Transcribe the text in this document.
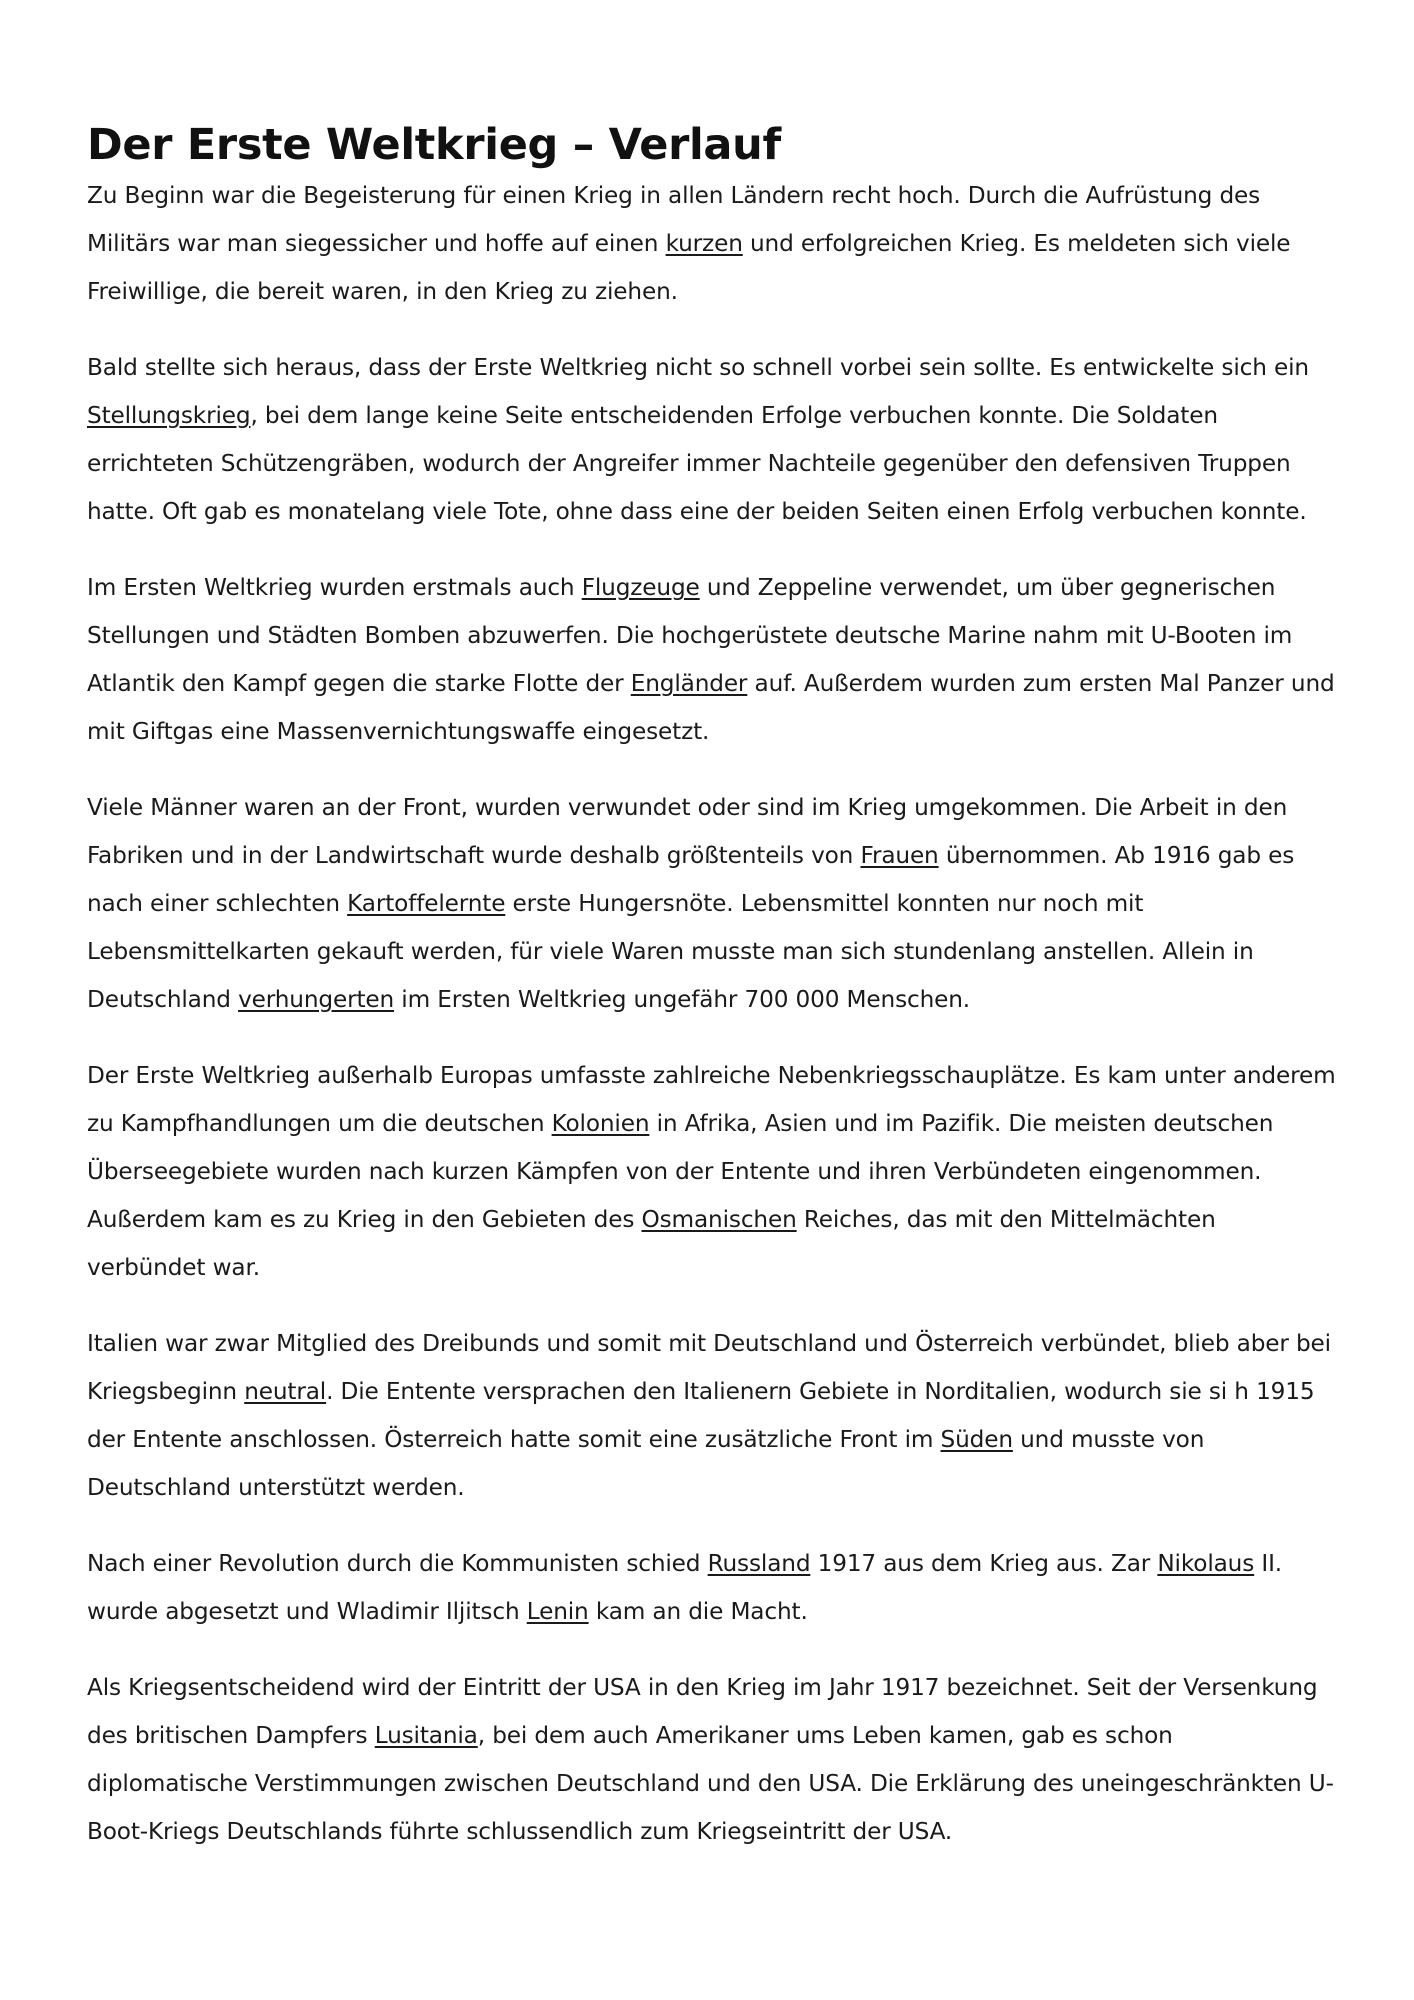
Der Erste Weltkrieg – Verlauf

Zu Beginn war die Begeisterung für einen Krieg in allen Ländern recht hoch. Durch die Aufrüstung des Militärs war man siegessicher und hoffe auf einen kurzen und erfolgreichen Krieg. Es meldeten sich viele Freiwillige, die bereit waren, in den Krieg zu ziehen.

Bald stellte sich heraus, dass der Erste Weltkrieg nicht so schnell vorbei sein sollte. Es entwickelte sich ein Stellungskrieg, bei dem lange keine Seite entscheidenden Erfolge verbuchen konnte. Die Soldaten errichteten Schützengräben, wodurch der Angreifer immer Nachteile gegenüber den defensiven Truppen hatte. Oft gab es monatelang viele Tote, ohne dass eine der beiden Seiten einen Erfolg verbuchen konnte.

Im Ersten Weltkrieg wurden erstmals auch Flugzeuge und Zeppeline verwendet, um über gegnerischen Stellungen und Städten Bomben abzuwerfen. Die hochgerüstete deutsche Marine nahm mit U-Booten im Atlantik den Kampf gegen die starke Flotte der Engländer auf. Außerdem wurden zum ersten Mal Panzer und mit Giftgas eine Massenvernichtungswaffe eingesetzt.

Viele Männer waren an der Front, wurden verwundet oder sind im Krieg umgekommen. Die Arbeit in den Fabriken und in der Landwirtschaft wurde deshalb größtenteils von Frauen übernommen. Ab 1916 gab es nach einer schlechten Kartoffelernte erste Hungersnöte. Lebensmittel konnten nur noch mit Lebensmittelkarten gekauft werden, für viele Waren musste man sich stundenlang anstellen. Allein in Deutschland verhungerten im Ersten Weltkrieg ungefähr 700 000 Menschen.

Der Erste Weltkrieg außerhalb Europas umfasste zahlreiche Nebenkriegsschauplätze. Es kam unter anderem zu Kampfhandlungen um die deutschen Kolonien in Afrika, Asien und im Pazifik. Die meisten deutschen Überseegebiete wurden nach kurzen Kämpfen von der Entente und ihren Verbündeten eingenommen. Außerdem kam es zu Krieg in den Gebieten des Osmanischen Reiches, das mit den Mittelmächten verbündet war.

Italien war zwar Mitglied des Dreibunds und somit mit Deutschland und Österreich verbündet, blieb aber bei Kriegsbeginn neutral. Die Entente versprachen den Italienern Gebiete in Norditalien, wodurch sie si h 1915 der Entente anschlossen. Österreich hatte somit eine zusätzliche Front im Süden und musste von Deutschland unterstützt werden.

Nach einer Revolution durch die Kommunisten schied Russland 1917 aus dem Krieg aus. Zar Nikolaus II. wurde abgesetzt und Wladimir Iljitsch Lenin kam an die Macht.

Als Kriegsentscheidend wird der Eintritt der USA in den Krieg im Jahr 1917 bezeichnet. Seit der Versenkung des britischen Dampfers Lusitania, bei dem auch Amerikaner ums Leben kamen, gab es schon diplomatische Verstimmungen zwischen Deutschland und den USA. Die Erklärung des uneingeschränkten U-Boot-Kriegs Deutschlands führte schlussendlich zum Kriegseintritt der USA.
